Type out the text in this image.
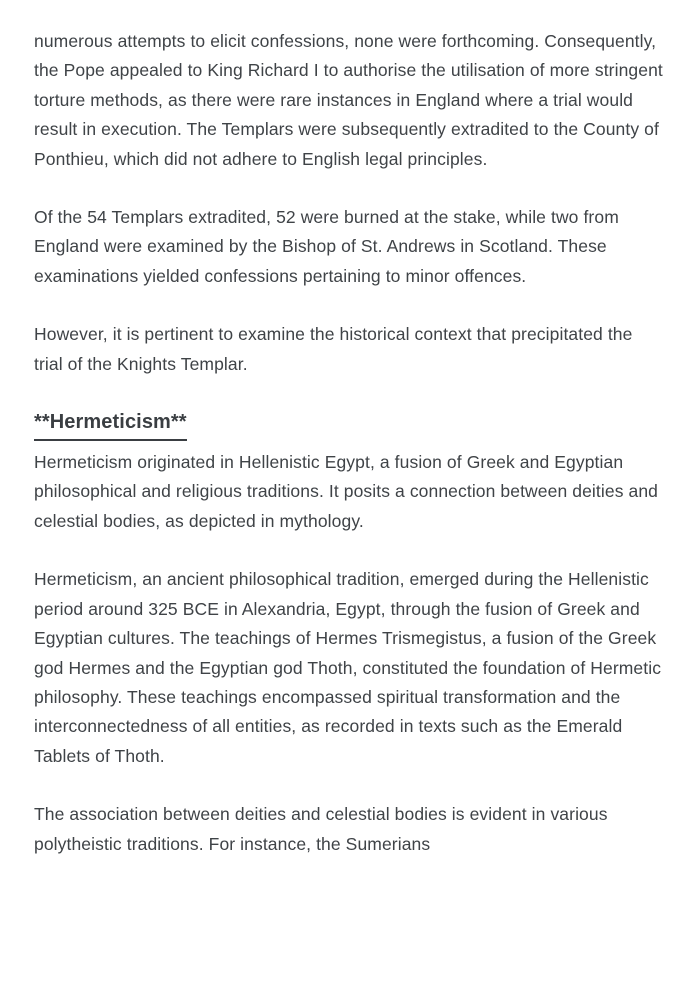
numerous attempts to elicit confessions, none were forthcoming. Consequently, the Pope appealed to King Richard I to authorise the utilisation of more stringent torture methods, as there were rare instances in England where a trial would result in execution. The Templars were subsequently extradited to the County of Ponthieu, which did not adhere to English legal principles.

Of the 54 Templars extradited, 52 were burned at the stake, while two from England were examined by the Bishop of St. Andrews in Scotland. These examinations yielded confessions pertaining to minor offences.

However, it is pertinent to examine the historical context that precipitated the trial of the Knights Templar.

**Hermeticism**

Hermeticism originated in Hellenistic Egypt, a fusion of Greek and Egyptian philosophical and religious traditions. It posits a connection between deities and celestial bodies, as depicted in mythology.

Hermeticism, an ancient philosophical tradition, emerged during the Hellenistic period around 325 BCE in Alexandria, Egypt, through the fusion of Greek and Egyptian cultures. The teachings of Hermes Trismegistus, a fusion of the Greek god Hermes and the Egyptian god Thoth, constituted the foundation of Hermetic philosophy. These teachings encompassed spiritual transformation and the interconnectedness of all entities, as recorded in texts such as the Emerald Tablets of Thoth.

The association between deities and celestial bodies is evident in various polytheistic traditions. For instance, the Sumerians
